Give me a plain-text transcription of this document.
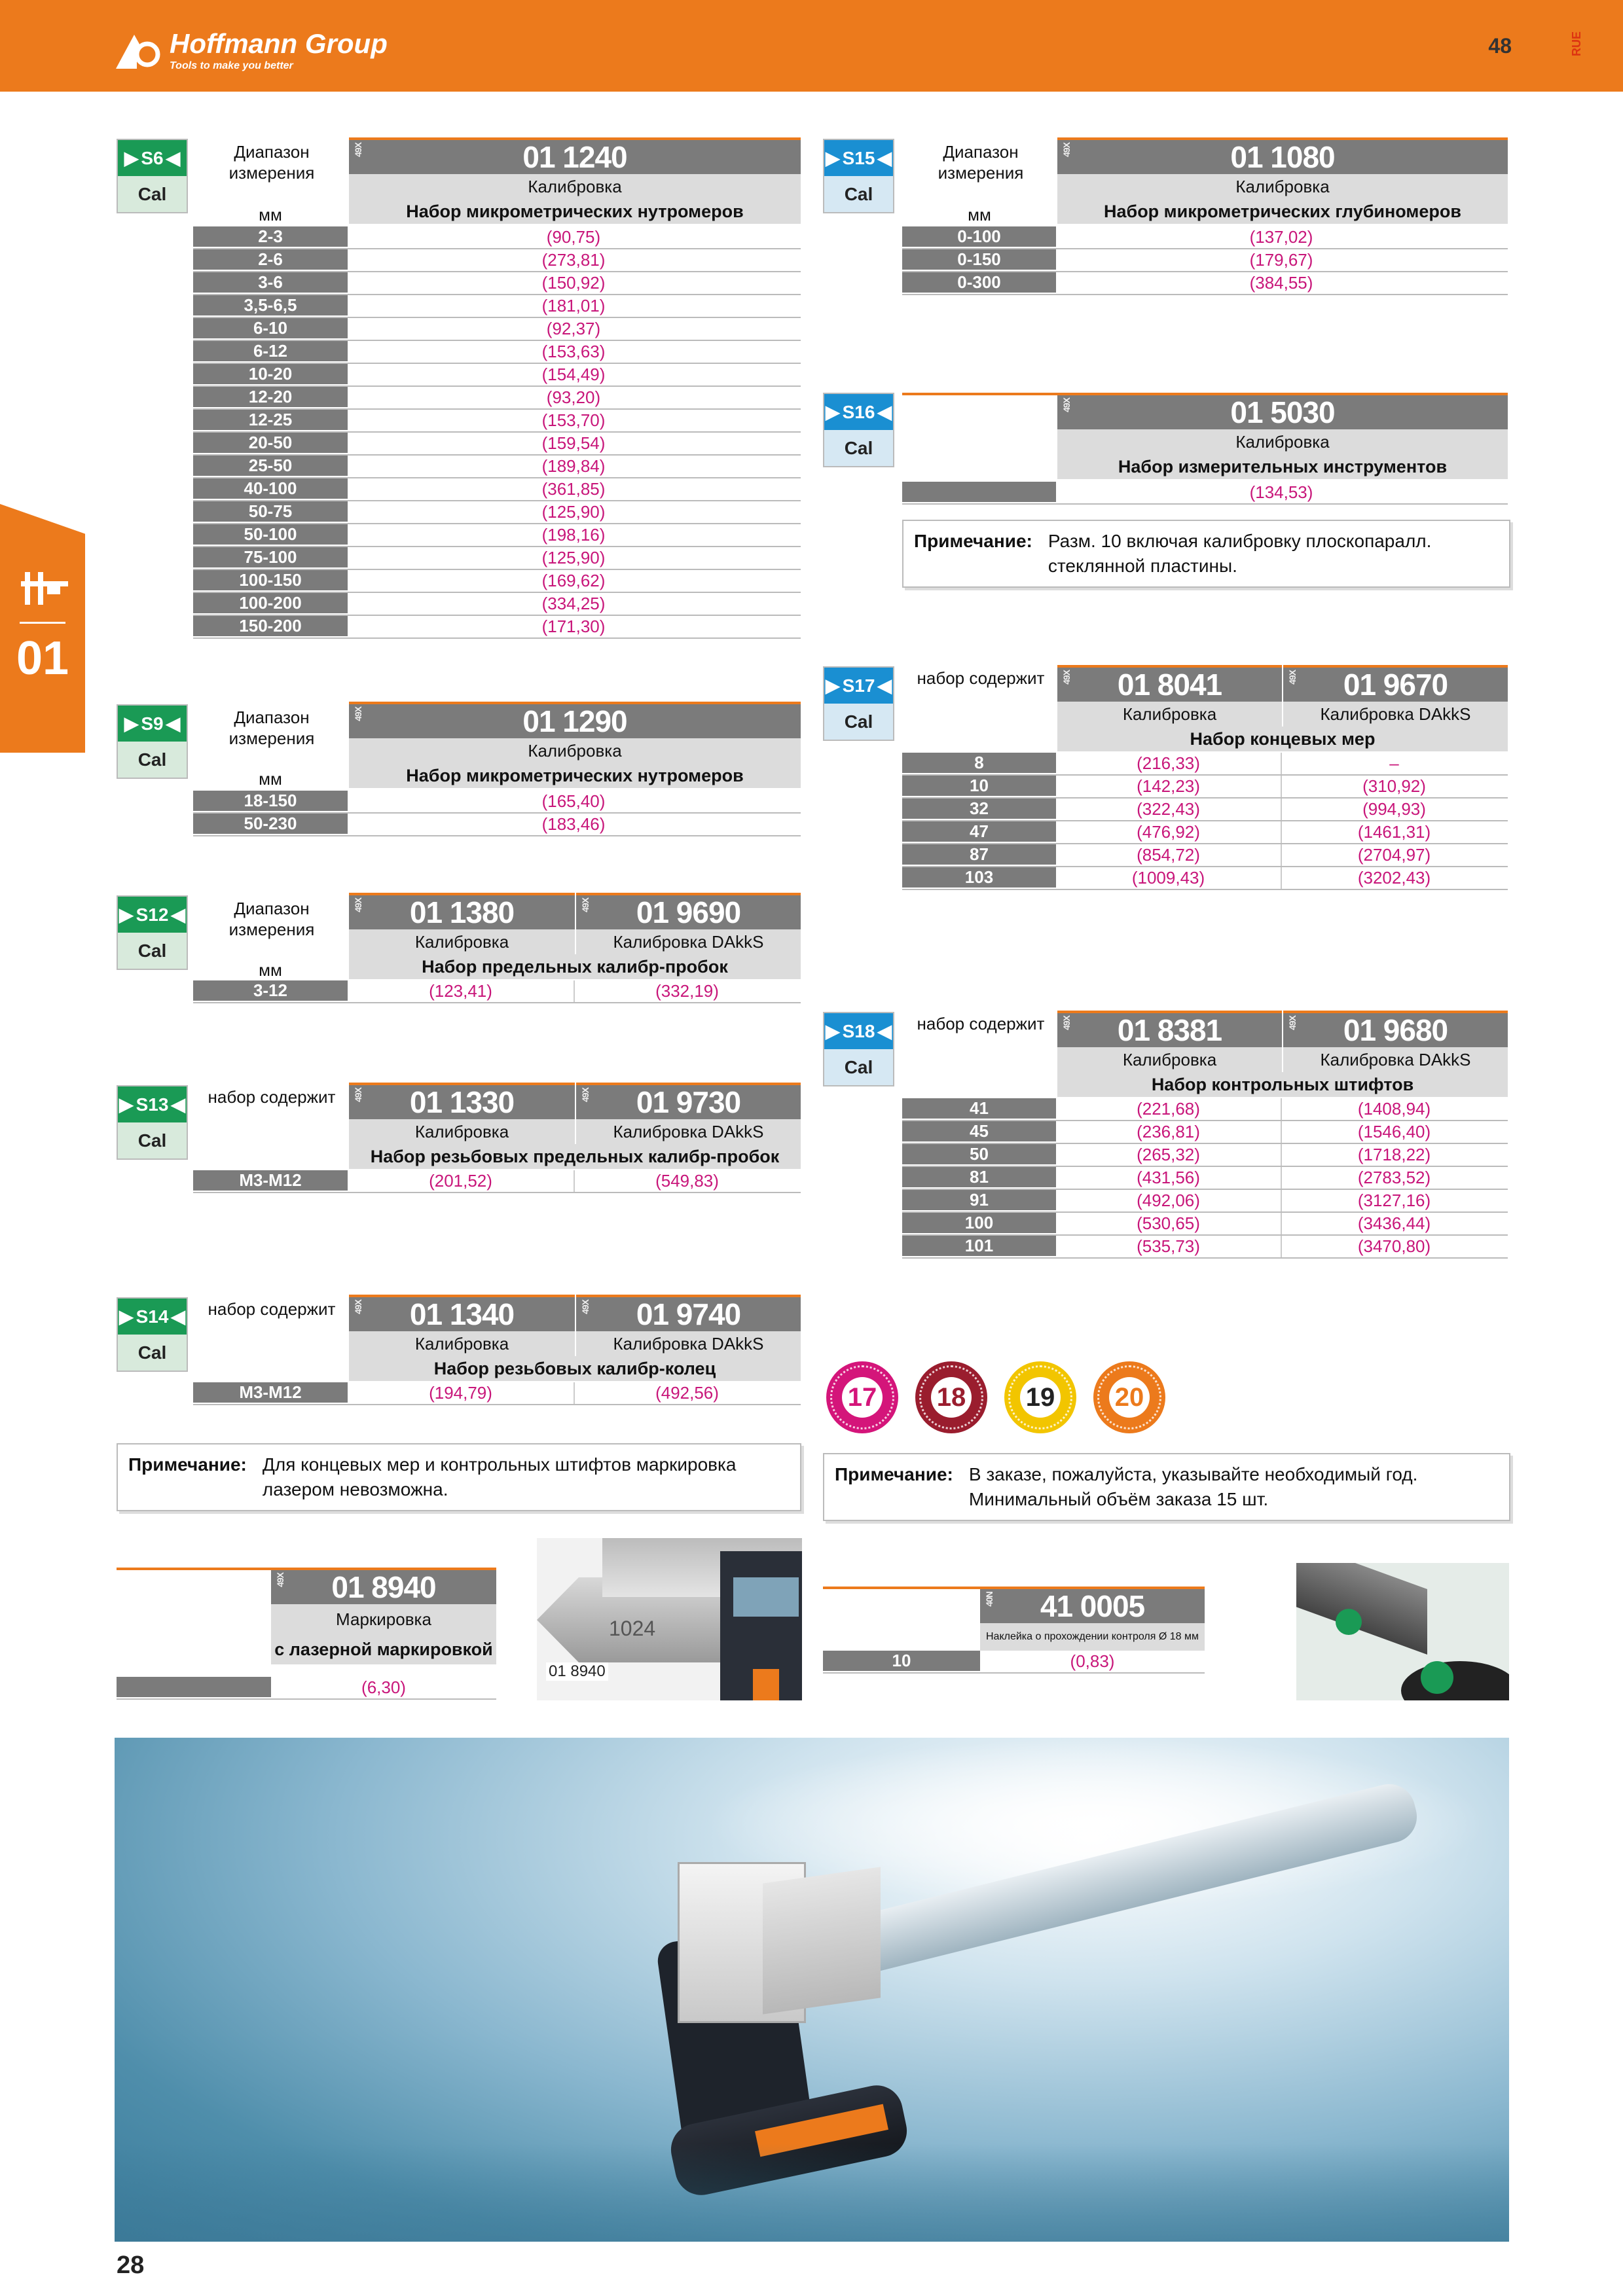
Hoffmann Group
Tools to make you better
48	RUE
01
▶ S6 ◀
Cal
Диапазон измерения
мм
49X	01 1240
Калибровка
Набор микрометрических нутромеров
2-3	(90,75)
2-6	(273,81)
3-6	(150,92)
3,5-6,5	(181,01)
6-10	(92,37)
6-12	(153,63)
10-20	(154,49)
12-20	(93,20)
12-25	(153,70)
20-50	(159,54)
25-50	(189,84)
40-100	(361,85)
50-75	(125,90)
50-100	(198,16)
75-100	(125,90)
100-150	(169,62)
100-200	(334,25)
150-200	(171,30)
▶ S9 ◀
Cal
Диапазон измерения
мм
49X	01 1290
Калибровка
Набор микрометрических нутромеров
18-150	(165,40)
50-230	(183,46)
▶ S12 ◀
Cal
Диапазон измерения
мм
49X 01 1380
Калибровка
49X 01 9690
Калибровка DAkkS
Набор предельных калибр-пробок
3-12	(123,41)	(332,19)
▶ S13 ◀
Cal
набор содержит	49X 01 1330
Калибровка
49X 01 9730
Калибровка DAkkS
Набор резьбовых предельных калибр-пробок
M3-M12	(201,52)	(549,83)
▶ S14 ◀
Cal
набор содержит	49X 01 1340
Калибровка
49X 01 9740
Калибровка DAkkS
Набор резьбовых калибр-колец
M3-M12	(194,79)	(492,56)
Примечание: Для концевых мер и контрольных штифтов маркировка лазером невозможна.
▶ S15 ◀
Cal
Диапазон измерения
мм
49X	01 1080
Калибровка
Набор микрометрических глубиномеров
0-100	(137,02)
0-150	(179,67)
0-300	(384,55)
▶ S16 ◀
Cal
49X	01 5030
Калибровка
Набор измерительных инструментов
(134,53)
Примечание: Разм. 10 включая калибровку плоскопаралл. стеклянной пластины.
▶ S17 ◀
Cal
набор содержит	49X 01 8041
Калибровка
49X 01 9670
Калибровка DAkkS
Набор концевых мер
8	(216,33)	–
10	(142,23)	(310,92)
32	(322,43)	(994,93)
47	(476,92)	(1461,31)
87	(854,72)	(2704,97)
103	(1009,43)	(3202,43)
▶ S18 ◀
Cal
набор содержит	49X 01 8381
Калибровка
49X 01 9680
Калибровка DAkkS
Набор контрольных штифтов
41	(221,68)	(1408,94)
45	(236,81)	(1546,40)
50	(265,32)	(1718,22)
81	(431,56)	(2783,52)
91	(492,06)	(3127,16)
100	(530,65)	(3436,44)
101	(535,73)	(3470,80)
17 18 19 20
Примечание: В заказе, пожалуйста, указывайте необходимый год. Минимальный объём заказа 15 шт.
49X 01 8940
Маркировка
с лазерной маркировкой
(6,30)
1024
01 8940
40N 41 0005
Наклейка о прохождении контроля Ø 18 мм
10	(0,83)
28
